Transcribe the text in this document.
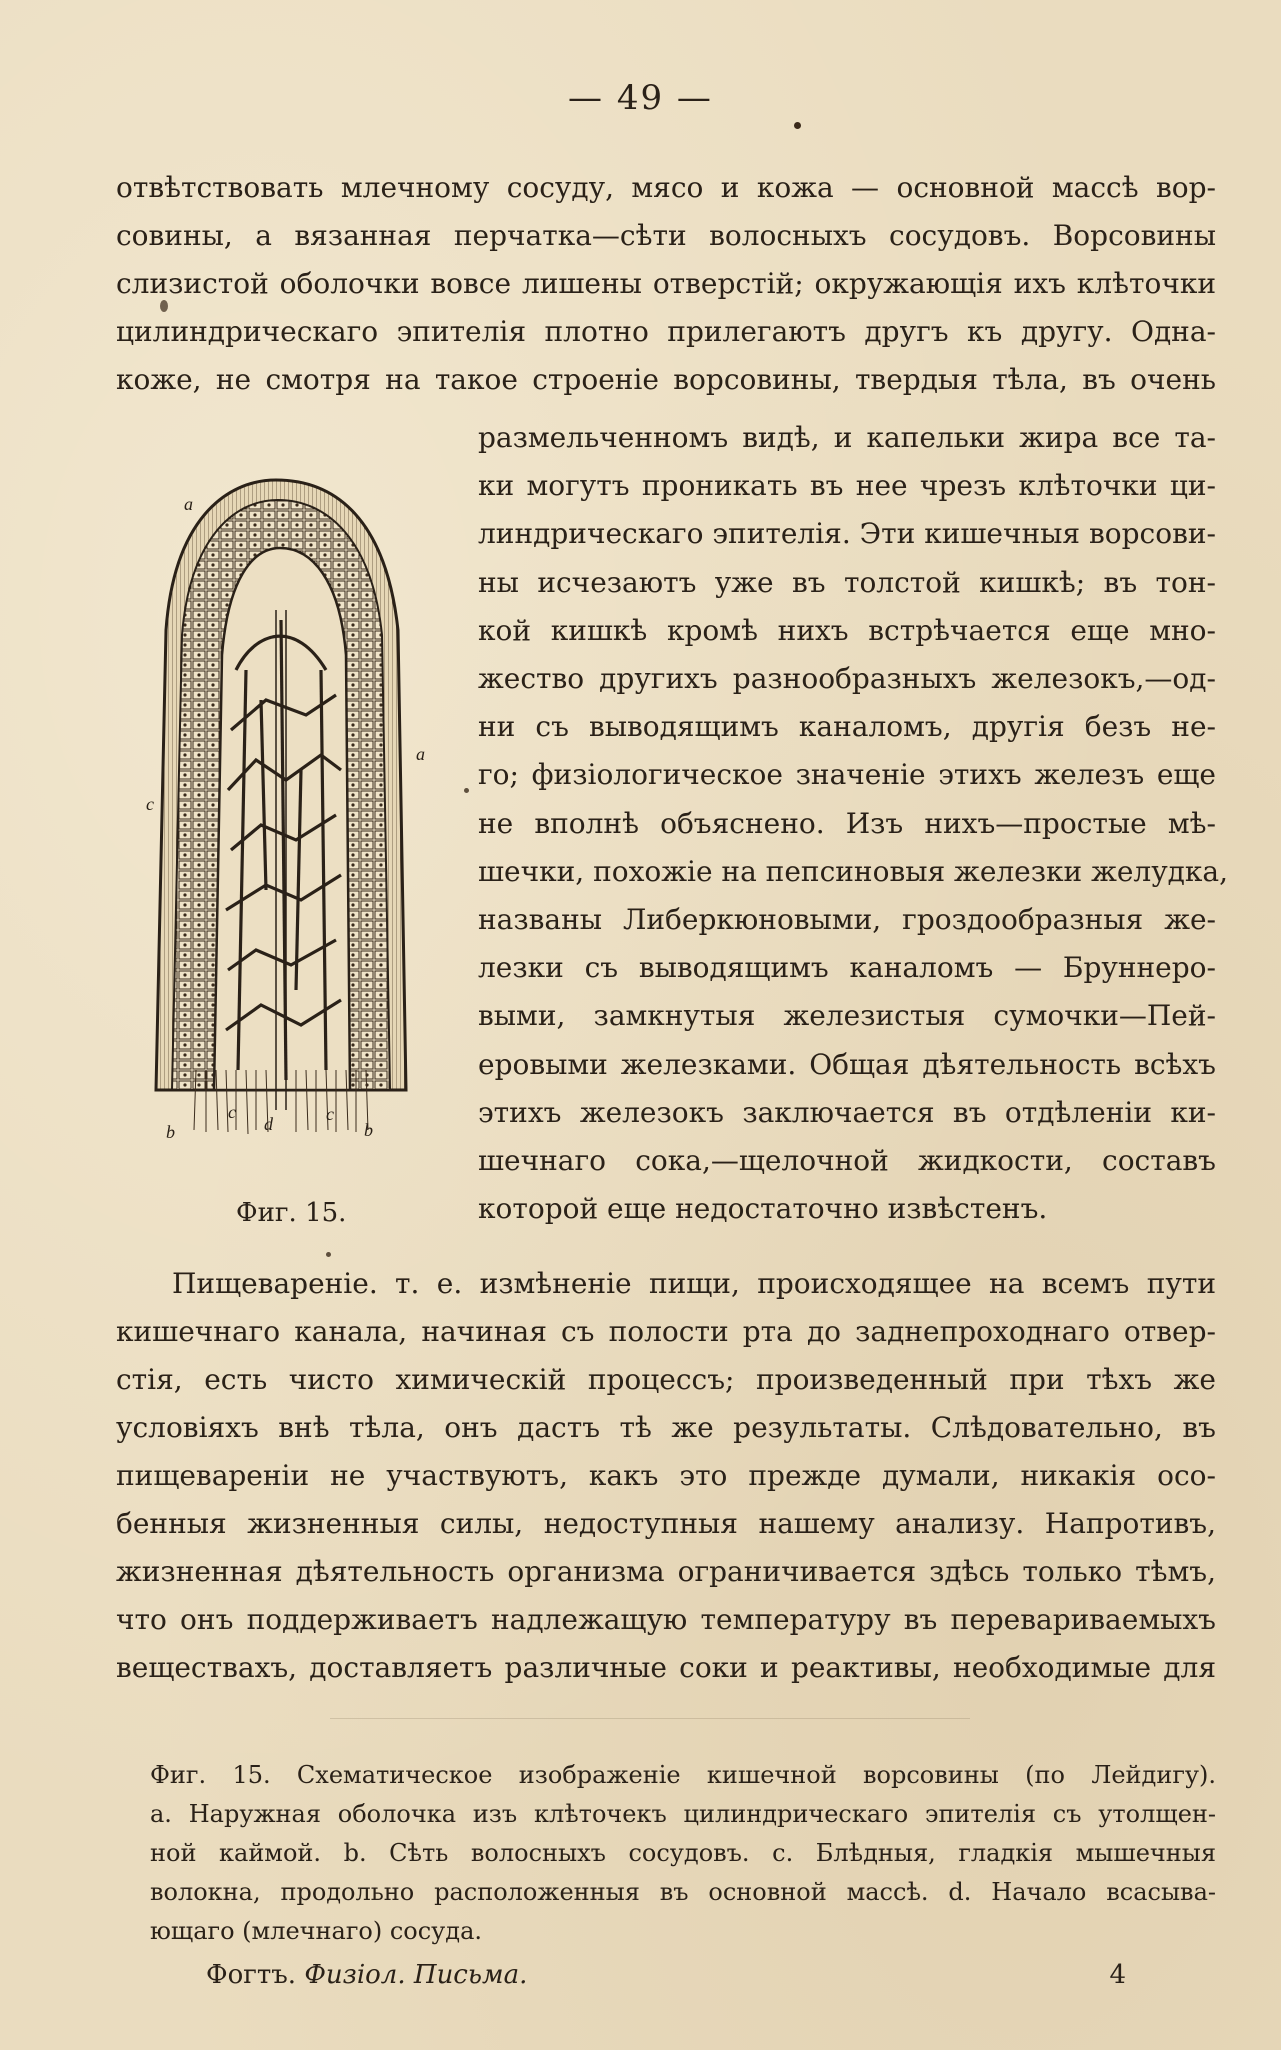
— 49 —
отвѣтствовать млечному сосуду, мясо и кожа — основной массѣ вор-
совины, а вязанная перчатка—сѣти волосныхъ сосудовъ. Ворсовины
слизистой оболочки вовсе лишены отверстій; окружающія ихъ клѣточки
цилиндрическаго эпителія плотно прилегаютъ другъ къ другу. Одна-
коже, не смотря на такое строеніе ворсовины, твердыя тѣла, въ очень
размельченномъ видѣ, и капельки жира все та-
ки могутъ проникать въ нее чрезъ клѣточки ци-
линдрическаго эпителія. Эти кишечныя ворсови-
ны исчезаютъ уже въ толстой кишкѣ; въ тон-
кой кишкѣ кромѣ нихъ встрѣчается еще мно-
жество другихъ разнообразныхъ железокъ,—од-
ни съ выводящимъ каналомъ, другія безъ не-
го; физіологическое значеніе этихъ железъ еще
не вполнѣ объяснено. Изъ нихъ—простые мѣ-
шечки, похожіе на пепсиновыя железки желудка,
названы Либеркюновыми, гроздообразныя же-
лезки съ выводящимъ каналомъ — Бруннеро-
выми, замкнутыя железистыя сумочки—Пей-
еровыми железками. Общая дѣятельность всѣхъ
этихъ железокъ заключается въ отдѣленіи ки-
шечнаго сока,—щелочной жидкости, составъ
которой еще недостаточно извѣстенъ.
a
a
c
b
c
d	c
b
Фиг. 15.
Пищевареніе. т. е. измѣненіе пищи, происходящее на всемъ пути
кишечнаго канала, начиная съ полости рта до заднепроходнаго отвер-
стія, есть чисто химическій процессъ; произведенный при тѣхъ же
условіяхъ внѣ тѣла, онъ дастъ тѣ же результаты. Слѣдовательно, въ
пищевареніи не участвуютъ, какъ это прежде думали, никакія осо-
бенныя жизненныя силы, недоступныя нашему анализу. Напротивъ,
жизненная дѣятельность организма ограничивается здѣсь только тѣмъ,
что онъ поддерживаетъ надлежащую температуру въ перевариваемыхъ
веществахъ, доставляетъ различные соки и реактивы, необходимые для
Фиг. 15. Схематическое изображеніе кишечной ворсовины (по Лейдигу).
a. Наружная оболочка изъ клѣточекъ цилиндрическаго эпителія съ утолщен-
ной каймой. b. Сѣть волосныхъ сосудовъ. c. Блѣдныя, гладкія мышечныя
волокна, продольно расположенныя въ основной массѣ. d. Начало всасыва-
ющаго (млечнаго) сосуда.
Фогтъ. Физіол. Письма.	4
